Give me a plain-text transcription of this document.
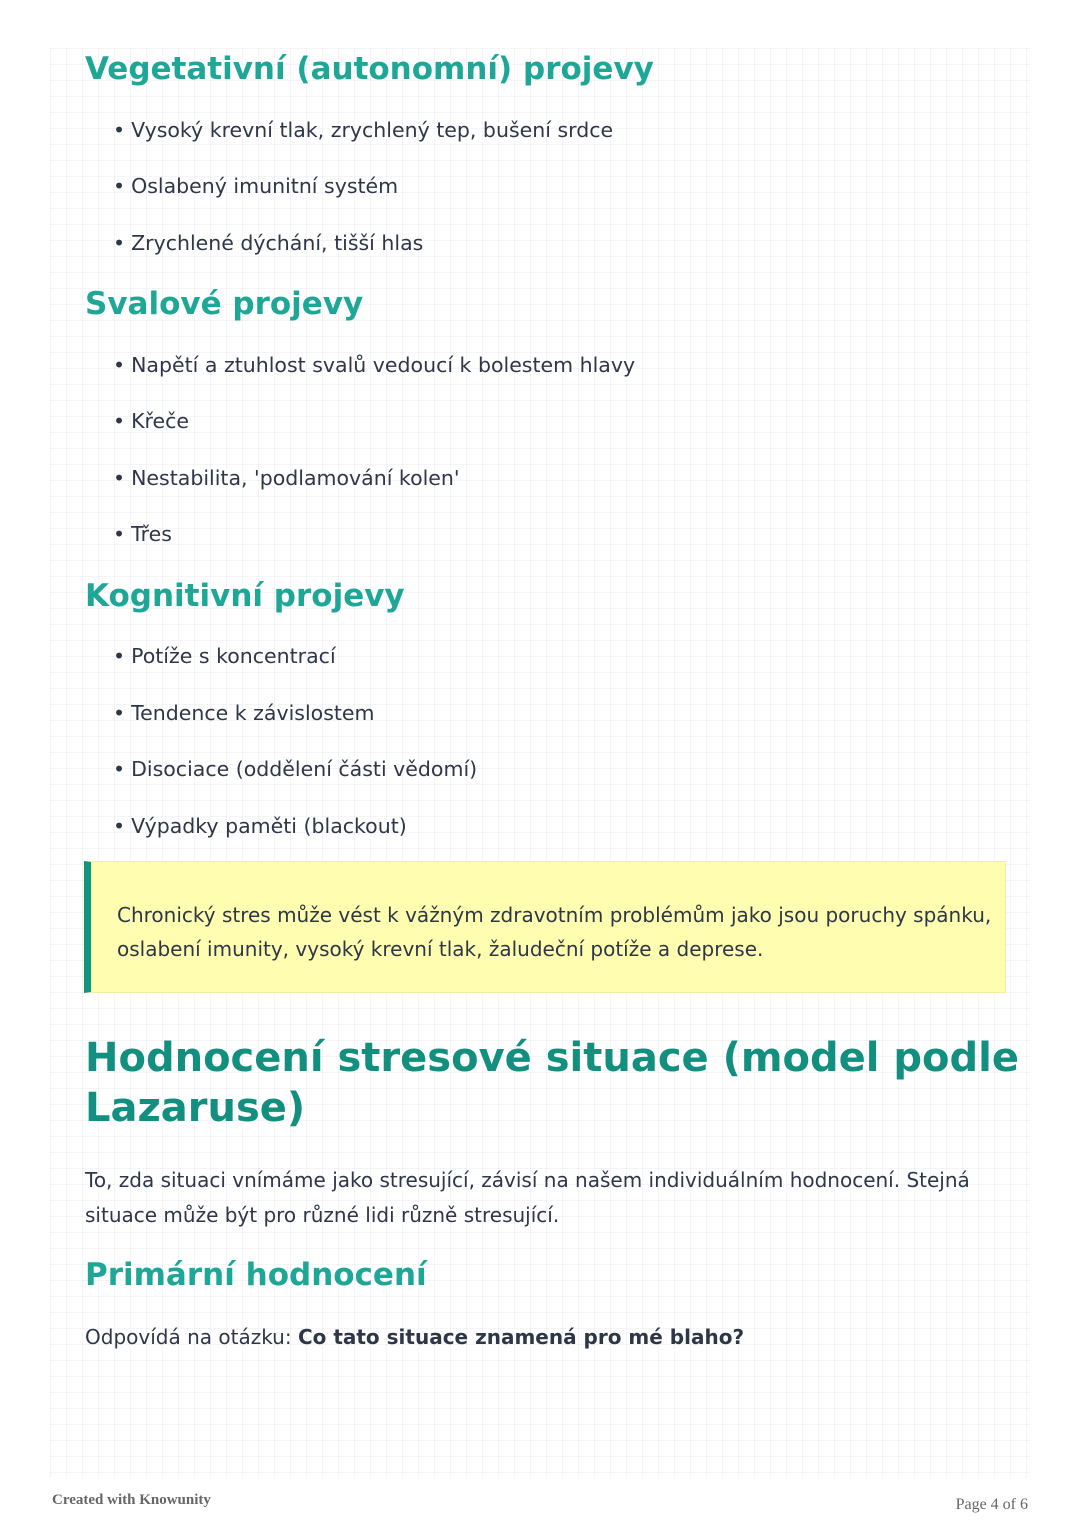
Vegetativní (autonomní) projevy

• Vysoký krevní tlak, zrychlený tep, bušení srdce

• Oslabený imunitní systém

• Zrychlené dýchání, tišší hlas

Svalové projevy

• Napětí a ztuhlost svalů vedoucí k bolestem hlavy

• Křeče

• Nestabilita, 'podlamování kolen'

• Třes

Kognitivní projevy

• Potíže s koncentrací

• Tendence k závislostem

• Disociace (oddělení části vědomí)

• Výpadky paměti (blackout)

Chronický stres může vést k vážným zdravotním problémům jako jsou poruchy spánku, oslabení imunity, vysoký krevní tlak, žaludeční potíže a deprese.

Hodnocení stresové situace (model podle Lazaruse)

To, zda situaci vnímáme jako stresující, závisí na našem individuálním hodnocení. Stejná situace může být pro různé lidi různě stresující.

Primární hodnocení

Odpovídá na otázku: Co tato situace znamená pro mé blaho?

Created with Knowunity	Page 4 of 6
